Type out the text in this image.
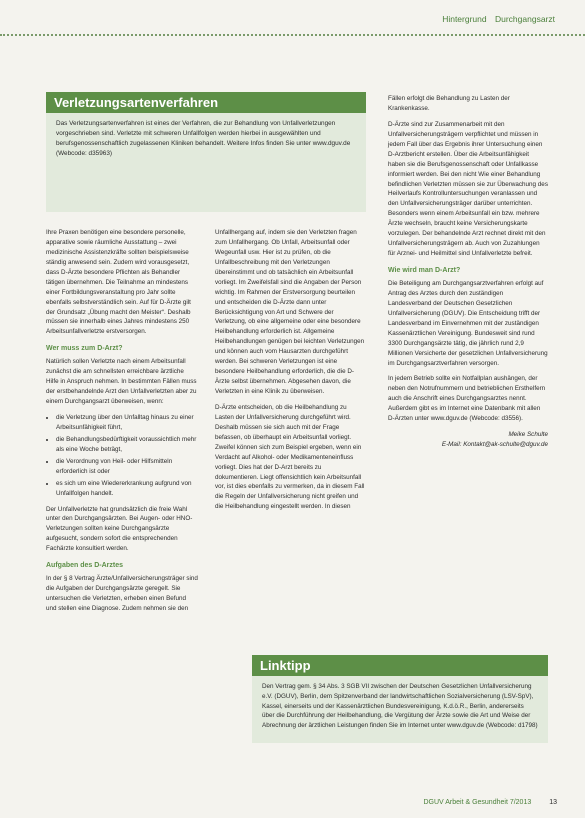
Hintergrund Durchgangsarzt
Verletzungsartenverfahren
Das Verletzungsartenverfahren ist eines der Verfahren, die zur Behandlung von Unfallverletzungen vorgeschrieben sind. Verletzte mit schweren Unfallfolgen werden hierbei in ausgewählten und berufsgenossenschaftlich zugelassenen Kliniken behandelt. Weitere Infos finden Sie unter www.dguv.de (Webcode: d35963)

Ihre Praxen benötigen eine besondere personelle, apparative sowie räumliche Ausstattung – zwei medizinische Assistenzkräfte sollten beispielsweise ständig anwesend sein. Zudem wird vorausgesetzt, dass D-Ärzte besondere Pflichten als Behandler tätigen übernehmen. Die Teilnahme an mindestens einer Fortbildungsveranstaltung pro Jahr sollte ebenfalls selbstverständlich sein. Auf für D-Ärzte gilt der Grundsatz „Übung macht den Meister“. Deshalb müssen sie innerhalb eines Jahres mindestens 250 Arbeitsunfallverletzte erstversorgen.

Wer muss zum D-Arzt?

Natürlich sollen Verletzte nach einem Arbeitsunfall zunächst die am schnellsten erreichbare ärztliche Hilfe in Anspruch nehmen. In bestimmten Fällen muss der erstbehandelnde Arzt den Unfallverletzten aber zu einem Durchgangsarzt überweisen, wenn:

• die Verletzung über den Unfalltag hinaus zu einer Arbeitsunfähigkeit führt,
• die Behandlungsbedürftigkeit voraussichtlich mehr als eine Woche beträgt,
• die Verordnung von Heil- oder Hilfsmitteln erforderlich ist oder
• es sich um eine Wiedererkrankung aufgrund von Unfallfolgen handelt.

Der Unfallverletzte hat grundsätzlich die freie Wahl unter den Durchgangsärzten. Bei Augen- oder HNO-Verletzungen sollten keine Durchgangsärzte aufgesucht, sondern sofort die entsprechenden Fachärzte konsultiert werden.

Aufgaben des D-Arztes

In der § 8 Vertrag Ärzte/Unfallversicherungsträger sind die Aufgaben der Durchgangsärzte geregelt. Sie untersuchen die Verletzten, erheben einen Befund und stellen eine Diagnose. Zudem nehmen sie den

Unfallhergang auf, indem sie den Verletzten fragen zum Unfallhergang. Ob Unfall, Arbeitsunfall oder Wegeunfall usw. Hier ist zu prüfen, ob die Unfallbeschreibung mit den Verletzungen übereinstimmt und ob tatsächlich ein Arbeitsunfall vorliegt. Im Zweifelsfall sind die Angaben der Person wichtig. Im Rahmen der Erstversorgung beurteilen und entscheiden die D-Ärzte dann unter Berücksichtigung von Art und Schwere der Verletzung, ob eine allgemeine oder eine besondere Heilbehandlung erforderlich ist. Allgemeine Heilbehandlungen genügen bei leichten Verletzungen und können auch vom Hausarzten durchgeführt werden. Bei schweren Verletzungen ist eine besondere Heilbehandlung erforderlich, die die D-Ärzte selbst übernehmen. Abgesehen davon, die Verletzten in eine Klinik zu überweisen.

D-Ärzte entscheiden, ob die Heilbehandlung zu Lasten der Unfallversicherung durchgeführt wird. Deshalb müssen sie sich auch mit der Frage befassen, ob überhaupt ein Arbeitsunfall vorliegt. Zweifel können sich zum Beispiel ergeben, wenn ein Verdacht auf Alkohol- oder Medikamenteneinfluss vorliegt. Dies hat der D-Arzt bereits zu dokumentieren. Liegt offensichtlich kein Arbeitsunfall vor, ist dies ebenfalls zu vermerken, da in diesem Fall die Regeln der Unfallversicherung nicht greifen und die Heilbehandlung eingestellt werden. In diesen

Fällen erfolgt die Behandlung zu Lasten der Krankenkasse.

D-Ärzte sind zur Zusammenarbeit mit den Unfallversicherungsträgern verpflichtet und müssen in jedem Fall über das Ergebnis ihrer Untersuchung einen D-Arztbericht erstellen. Über die Arbeitsunfähigkeit haben sie die Berufsgenossenschaft oder Unfallkasse informiert werden. Bei den nicht Wie einer Behandlung befindlichen Verletzten müssen sie zur Überwachung des Heilverlaufs Kontrolluntersuchungen veranlassen und den Unfallversicherungsträger darüber unterrichten. Besonders wenn einem Arbeitsunfall ein bzw. mehrere Ärzte wechseln, braucht keine Versicherungskarte vorzulegen. Der behandelnde Arzt rechnet direkt mit den Unfallversicherungsträgern ab. Auch von Zuzahlungen für Arznei- und Heilmittel sind Unfallverletzte befreit.

Wie wird man D-Arzt?

Die Beteiligung am Durchgangsarztverfahren erfolgt auf Antrag des Arztes durch den zuständigen Landesverband der Deutschen Gesetzlichen Unfallversicherung (DGUV). Die Entscheidung trifft der Landesverband im Einvernehmen mit der zuständigen Kassenärztlichen Vereinigung. Bundesweit sind rund 3300 Durchgangsärzte tätig, die jährlich rund 2,9 Millionen Versicherte der gesetzlichen Unfallversicherung im Durchgangsarztverfahren versorgen.

In jedem Betrieb sollte ein Notfallplan aushängen, der neben den Notrufnummern und betrieblichen Ersthelfern auch die Anschrift eines Durchgangsarztes nennt. Außerdem gibt es im Internet eine Datenbank mit allen D-Ärzten unter www.dguv.de (Webcode: d3556).

Meike Schulte
E-Mail: Kontakt@ak-schulte@dguv.de
Linktipp
Den Vertrag gem. § 34 Abs. 3 SGB VII zwischen der Deutschen Gesetzlichen Unfallversicherung e.V. (DGUV), Berlin, dem Spitzenverband der landwirtschaftlichen Sozialversicherung (LSV-SpV), Kassel, einerseits und der Kassenärztlichen Bundesvereinigung, K.d.ö.R., Berlin, andererseits über die Durchführung der Heilbehandlung, die Vergütung der Ärzte sowie die Art und Weise der Abrechnung der ärztlichen Leistungen finden Sie im Internet unter www.dguv.de (Webcode: d1798)
DGUV Arbeit & Gesundheit 7/2013	13
